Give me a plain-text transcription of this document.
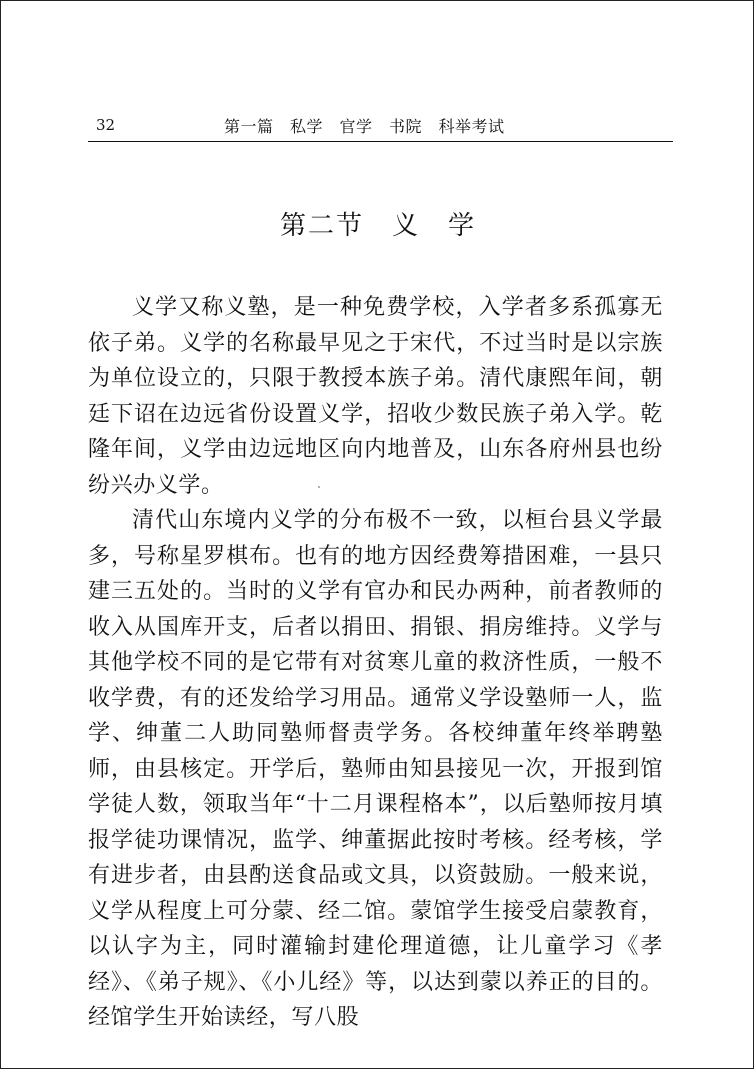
32	第一篇　私学　官学　书院　科举考试
第二节　义　学

义学又称义塾，是一种免费学校，入学者多系孤寡无依子弟。义学的名称最早见之于宋代，不过当时是以宗族为单位设立的，只限于教授本族子弟。清代康熙年间，朝廷下诏在边远省份设置义学，招收少数民族子弟入学。乾隆年间，义学由边远地区向内地普及，山东各府州县也纷纷兴办义学。

清代山东境内义学的分布极不一致，以桓台县义学最多，号称星罗棋布。也有的地方因经费筹措困难，一县只建三五处的。当时的义学有官办和民办两种，前者教师的收入从国库开支，后者以捐田、捐银、捐房维持。义学与其他学校不同的是它带有对贫寒儿童的救济性质，一般不收学费，有的还发给学习用品。通常义学设塾师一人，监学、绅董二人助同塾师督责学务。各校绅董年终举聘塾师，由县核定。开学后，塾师由知县接见一次，开报到馆学徒人数，领取当年“十二月课程格本”，以后塾师按月填报学徒功课情况，监学、绅董据此按时考核。经考核，学有进步者，由县酌送食品或文具，以资鼓励。一般来说，义学从程度上可分蒙、经二馆。蒙馆学生接受启蒙教育，以认字为主，同时灌输封建伦理道德，让儿童学习《孝经》、《弟子规》、《小儿经》等，以达到蒙以养正的目的。经馆学生开始读经，写八股
